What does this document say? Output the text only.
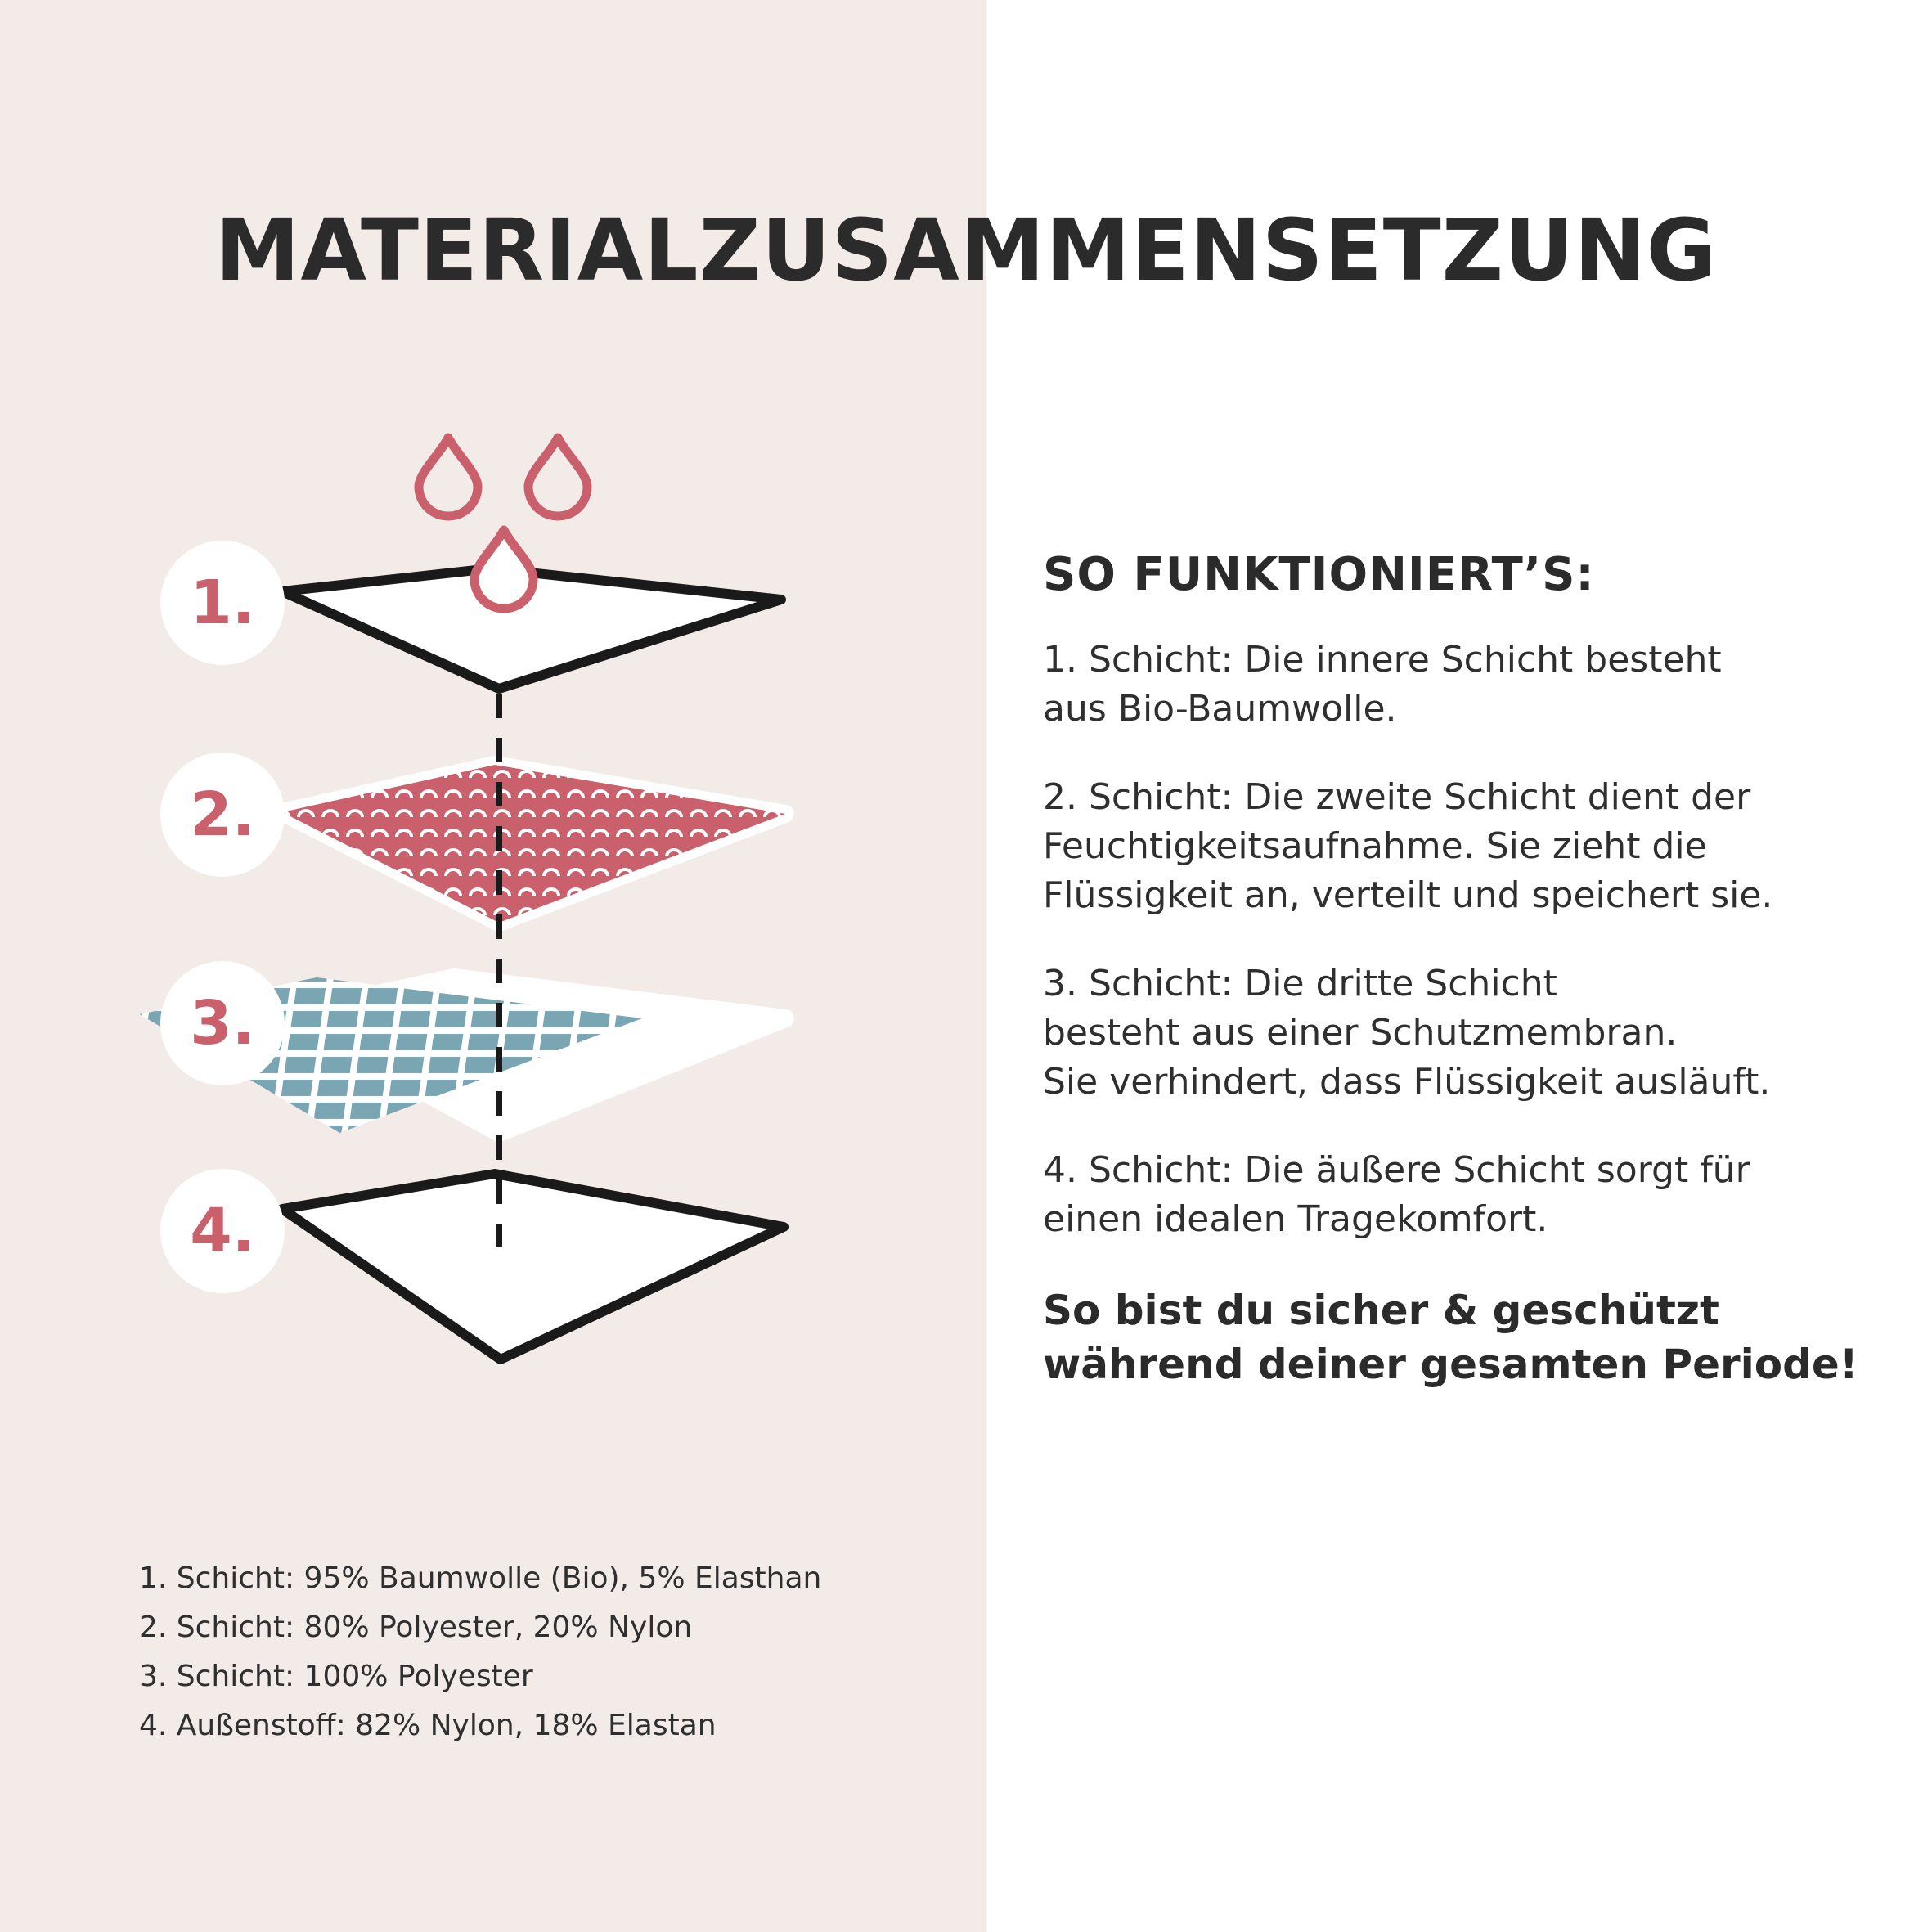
MATERIALZUSAMMENSETZUNG
1.
2.
3.
4.
SO FUNKTIONIERT’S:

1. Schicht: Die innere Schicht besteht
aus Bio-Baumwolle.

2. Schicht: Die zweite Schicht dient der
Feuchtigkeitsaufnahme. Sie zieht die
Flüssigkeit an, verteilt und speichert sie.

3. Schicht: Die dritte Schicht
besteht aus einer Schutzmembran.
Sie verhindert, dass Flüssigkeit ausläuft.

4. Schicht: Die äußere Schicht sorgt für
einen idealen Tragekomfort.

So bist du sicher & geschützt
während deiner gesamten Periode!

1. Schicht: 95% Baumwolle (Bio), 5% Elasthan
2. Schicht: 80% Polyester, 20% Nylon
3. Schicht: 100% Polyester
4. Außenstoff: 82% Nylon, 18% Elastan
